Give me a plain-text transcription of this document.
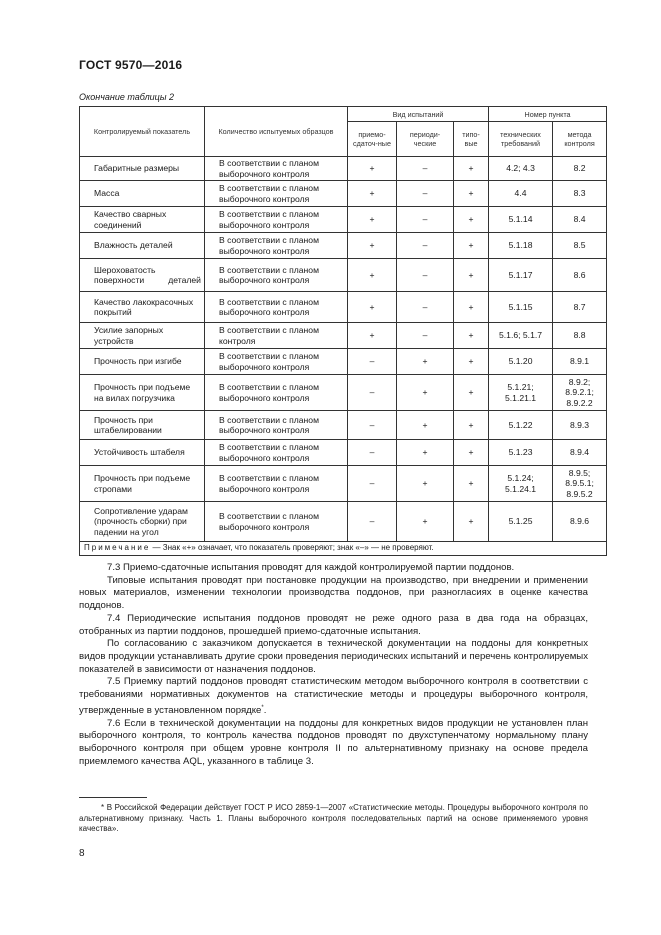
ГОСТ 9570—2016
Окончание таблицы 2
Контролируемый показатель	Количество испытуемых образцов	Вид испытаний			Номер пункта	
		приемо-сдаточ-ные	периоди-ческие	типо-вые	технических требований	метода контроля
Габаритные размеры	В соответствии с планом выборочного контроля	+	–	+	4.2; 4.3	8.2
Масса	В соответствии с планом выборочного контроля	+	–	+	4.4	8.3
Качество сварных соединений	В соответствии с планом выборочного контроля	+	–	+	5.1.14	8.4
Влажность деталей	В соответствии с планом выборочного контроля	+	–	+	5.1.18	8.5
Шероховатость поверхности деталей	В соответствии с планом выборочного контроля	+	–	+	5.1.17	8.6
Качество лакокрасочных покрытий	В соответствии с планом выборочного контроля	+	–	+	5.1.15	8.7
Усилие запорных устройств	В соответствии с планом контроля	+	–	+	5.1.6; 5.1.7	8.8
Прочность при изгибе	В соответствии с планом выборочного контроля	–	+	+	5.1.20	8.9.1
Прочность при подъеме на вилах погрузчика	В соответствии с планом выборочного контроля	–	+	+	5.1.21; 5.1.21.1	8.9.2; 8.9.2.1; 8.9.2.2
Прочность при штабелировании	В соответствии с планом выборочного контроля	–	+	+	5.1.22	8.9.3
Устойчивость штабеля	В соответствии с планом выборочного контроля	–	+	+	5.1.23	8.9.4
Прочность при подъеме стропами	В соответствии с планом выборочного контроля	–	+	+	5.1.24; 5.1.24.1	8.9.5; 8.9.5.1; 8.9.5.2
Сопротивление ударам (прочность сборки) при падении на угол	В соответствии с планом выборочного контроля	–	+	+	5.1.25	8.9.6
Примечание — Знак «+» означает, что показатель проверяют; знак «–» — не проверяют.						

7.3 Приемо-сдаточные испытания проводят для каждой контролируемой партии поддонов.

Типовые испытания проводят при постановке продукции на производство, при внедрении и применении новых материалов, изменении технологии производства поддонов, при разногласиях в оценке качества поддонов.

7.4 Периодические испытания поддонов проводят не реже одного раза в два года на образцах, отобранных из партии поддонов, прошедшей приемо-сдаточные испытания.

По согласованию с заказчиком допускается в технической документации на поддоны для конкретных видов продукции устанавливать другие сроки проведения периодических испытаний и перечень контролируемых показателей в зависимости от назначения поддонов.

7.5 Приемку партий поддонов проводят статистическим методом выборочного контроля в соответствии с требованиями нормативных документов на статистические методы и процедуры выборочного контроля, утвержденные в установленном порядке*.

7.6 Если в технической документации на поддоны для конкретных видов продукции не установлен план выборочного контроля, то контроль качества поддонов проводят по двухступенчатому нормальному плану выборочного контроля при общем уровне контроля II по альтернативному признаку на основе предела приемлемого качества AQL, указанного в таблице 3.

* В Российской Федерации действует ГОСТ Р ИСО 2859-1—2007 «Статистические методы. Процедуры выборочного контроля по альтернативному признаку. Часть 1. Планы выборочного контроля последовательных партий на основе применяемого уровня качества».

8
